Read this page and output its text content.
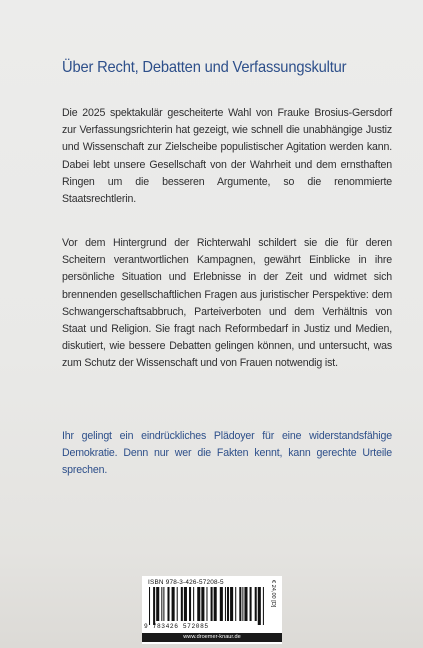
Über Recht, Debatten und Verfassungskultur

Die 2025 spektakulär gescheiterte Wahl von Frauke Brosius-Gersdorf zur Verfassungsrichterin hat gezeigt, wie schnell die unabhängige Justiz und Wissenschaft zur Zielscheibe populistischer Agitation werden kann. Dabei lebt unsere Gesellschaft von der Wahrheit und dem ernsthaften Ringen um die besseren Argumente, so die renommierte Staatsrechtlerin.

Vor dem Hintergrund der Richterwahl schildert sie die für deren Scheitern verantwortlichen Kampagnen, gewährt Einblicke in ihre persönliche Situation und Erlebnisse in der Zeit und widmet sich brennenden gesellschaftlichen Fragen aus juristischer Perspektive: dem Schwangerschaftsabbruch, Parteiverboten und dem Verhältnis von Staat und Religion. Sie fragt nach Reformbedarf in Justiz und Medien, diskutiert, wie bessere Debatten gelingen können, und untersucht, was zum Schutz der Wissenschaft und von Frauen notwendig ist.

Ihr gelingt ein eindrückliches Plädoyer für eine widerstandsfähige Demokratie. Denn nur wer die Fakten kennt, kann gerechte Urteile sprechen.

ISBN 978-3-426-57208-5
9 783426 572085
€ 24,00 [D]
www.droemer-knaur.de
